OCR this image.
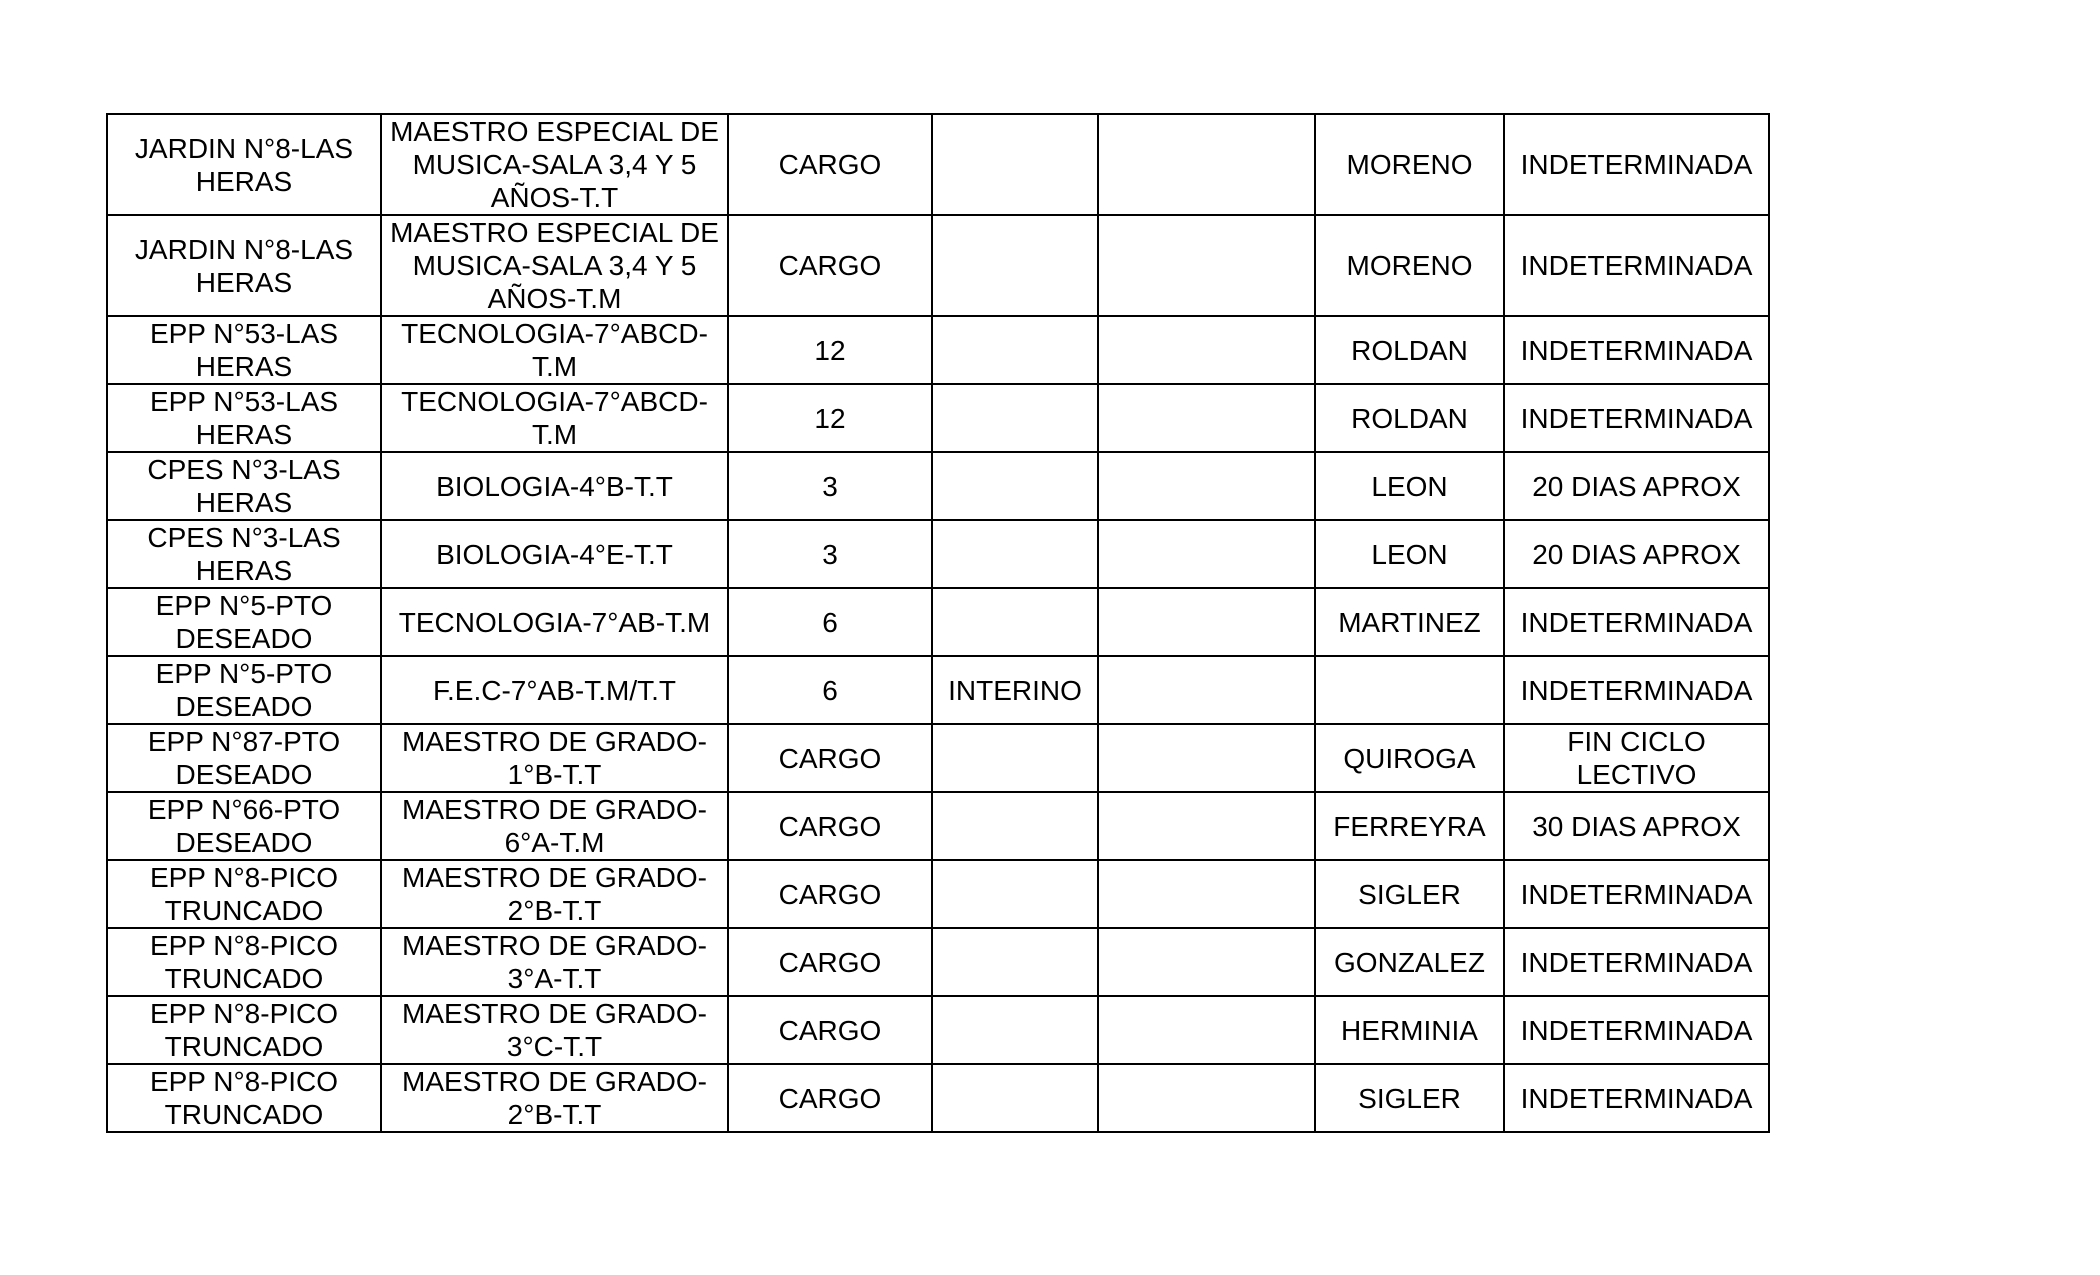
JARDIN N°8-LAS HERAS	MAESTRO ESPECIAL DE MUSICA-SALA 3,4 Y 5 AÑOS-T.T	CARGO			MORENO	INDETERMINADA
JARDIN N°8-LAS HERAS	MAESTRO ESPECIAL DE MUSICA-SALA 3,4 Y 5 AÑOS-T.M	CARGO			MORENO	INDETERMINADA
EPP N°53-LAS HERAS	TECNOLOGIA-7°ABCD-T.M	12			ROLDAN	INDETERMINADA
EPP N°53-LAS HERAS	TECNOLOGIA-7°ABCD-T.M	12			ROLDAN	INDETERMINADA
CPES N°3-LAS HERAS	BIOLOGIA-4°B-T.T	3			LEON	20 DIAS APROX
CPES N°3-LAS HERAS	BIOLOGIA-4°E-T.T	3			LEON	20 DIAS APROX
EPP N°5-PTO DESEADO	TECNOLOGIA-7°AB-T.M	6			MARTINEZ	INDETERMINADA
EPP N°5-PTO DESEADO	F.E.C-7°AB-T.M/T.T	6	INTERINO			INDETERMINADA
EPP N°87-PTO DESEADO	MAESTRO DE GRADO-1°B-T.T	CARGO			QUIROGA	FIN CICLO LECTIVO
EPP N°66-PTO DESEADO	MAESTRO DE GRADO-6°A-T.M	CARGO			FERREYRA	30 DIAS APROX
EPP N°8-PICO TRUNCADO	MAESTRO DE GRADO-2°B-T.T	CARGO			SIGLER	INDETERMINADA
EPP N°8-PICO TRUNCADO	MAESTRO DE GRADO-3°A-T.T	CARGO			GONZALEZ	INDETERMINADA
EPP N°8-PICO TRUNCADO	MAESTRO DE GRADO-3°C-T.T	CARGO			HERMINIA	INDETERMINADA
EPP N°8-PICO TRUNCADO	MAESTRO DE GRADO-2°B-T.T	CARGO			SIGLER	INDETERMINADA
